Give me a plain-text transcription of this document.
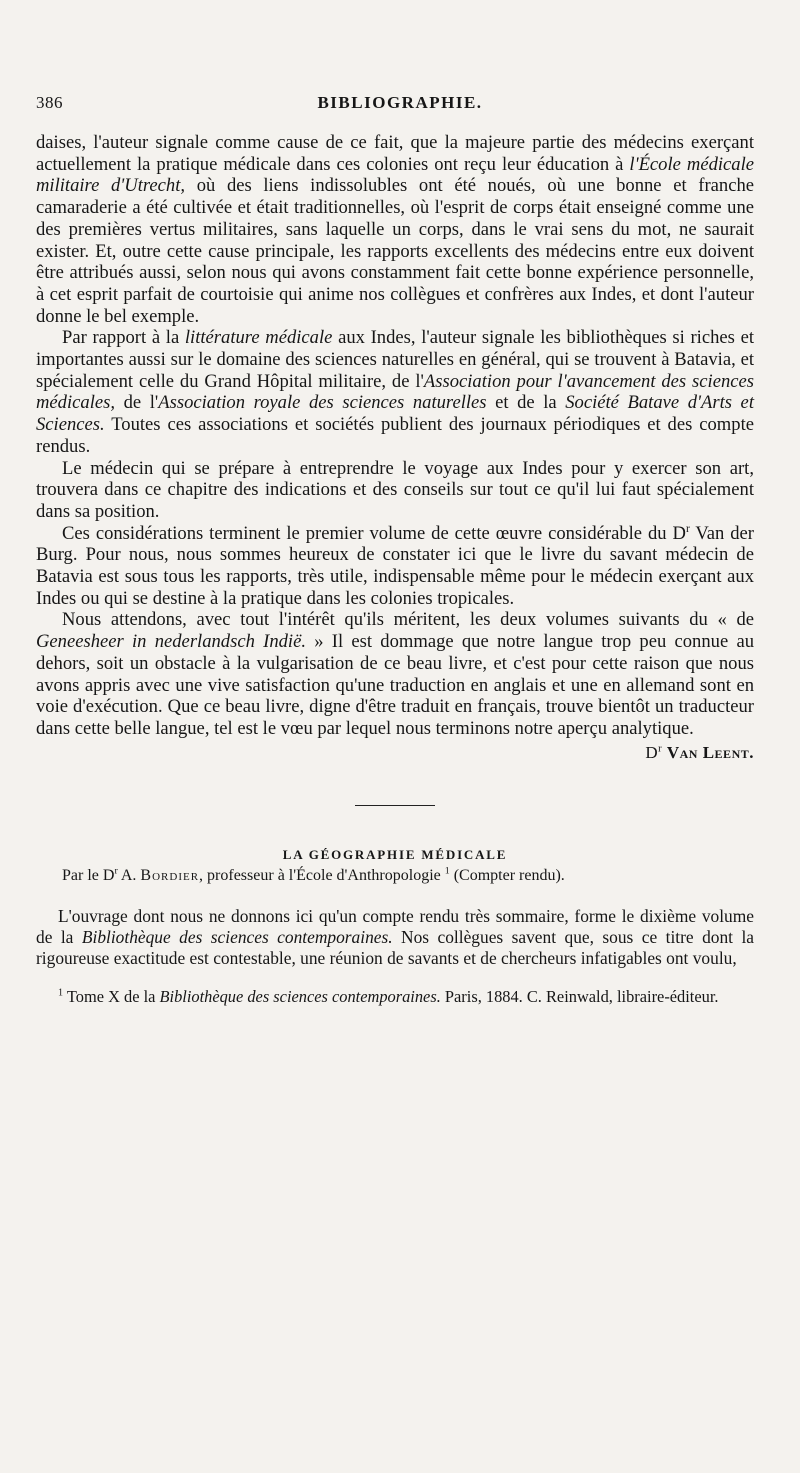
386	BIBLIOGRAPHIE.

daises, l'auteur signale comme cause de ce fait, que la majeure partie des médecins exerçant actuellement la pratique médicale dans ces colonies ont reçu leur éducation à l'École médicale militaire d'Utrecht, où des liens indissolubles ont été noués, où une bonne et franche camaraderie a été cultivée et était traditionnelles, où l'esprit de corps était enseigné comme une des premières vertus militaires, sans laquelle un corps, dans le vrai sens du mot, ne saurait exister. Et, outre cette cause principale, les rapports excellents des médecins entre eux doivent être attribués aussi, selon nous qui avons constamment fait cette bonne expérience personnelle, à cet esprit parfait de courtoisie qui anime nos collègues et confrères aux Indes, et dont l'auteur donne le bel exemple.

Par rapport à la littérature médicale aux Indes, l'auteur signale les bibliothèques si riches et importantes aussi sur le domaine des sciences naturelles en général, qui se trouvent à Batavia, et spécialement celle du Grand Hôpital militaire, de l'Association pour l'avancement des sciences médicales, de l'Association royale des sciences naturelles et de la Société Batave d'Arts et Sciences. Toutes ces associations et sociétés publient des journaux périodiques et des compte rendus.

Le médecin qui se prépare à entreprendre le voyage aux Indes pour y exercer son art, trouvera dans ce chapitre des indications et des conseils sur tout ce qu'il lui faut spécialement dans sa position.

Ces considérations terminent le premier volume de cette œuvre considérable du $D^r$ Van der Burg. Pour nous, nous sommes heureux de constater ici que le livre du savant médecin de Batavia est sous tous les rapports, très utile, indispensable même pour le médecin exerçant aux Indes ou qui se destine à la pratique dans les colonies tropicales.

Nous attendons, avec tout l'intérêt qu'ils méritent, les deux volumes suivants du « de Geneesheer in nederlandsch Indië. » Il est dommage que notre langue trop peu connue au dehors, soit un obstacle à la vulgarisation de ce beau livre, et c'est pour cette raison que nous avons appris avec une vive satisfaction qu'une traduction en anglais et une en allemand sont en voie d'exécution. Que ce beau livre, digne d'être traduit en français, trouve bientôt un traducteur dans cette belle langue, tel est le vœu par lequel nous terminons notre aperçu analytique.

$D^r$ Van Leent.
LA GÉOGRAPHIE MÉDICALE

Par le $D^r$ A. Bordier, professeur à l'École d'Anthropologie $^1$ (Compter rendu).

L'ouvrage dont nous ne donnons ici qu'un compte rendu très sommaire, forme le dixième volume de la Bibliothèque des sciences contemporaines. Nos collègues savent que, sous ce titre dont la rigoureuse exactitude est contestable, une réunion de savants et de chercheurs infatigables ont voulu,

$^1$ Tome X de la Bibliothèque des sciences contemporaines. Paris, 1884. C. Reinwald, libraire-éditeur.
